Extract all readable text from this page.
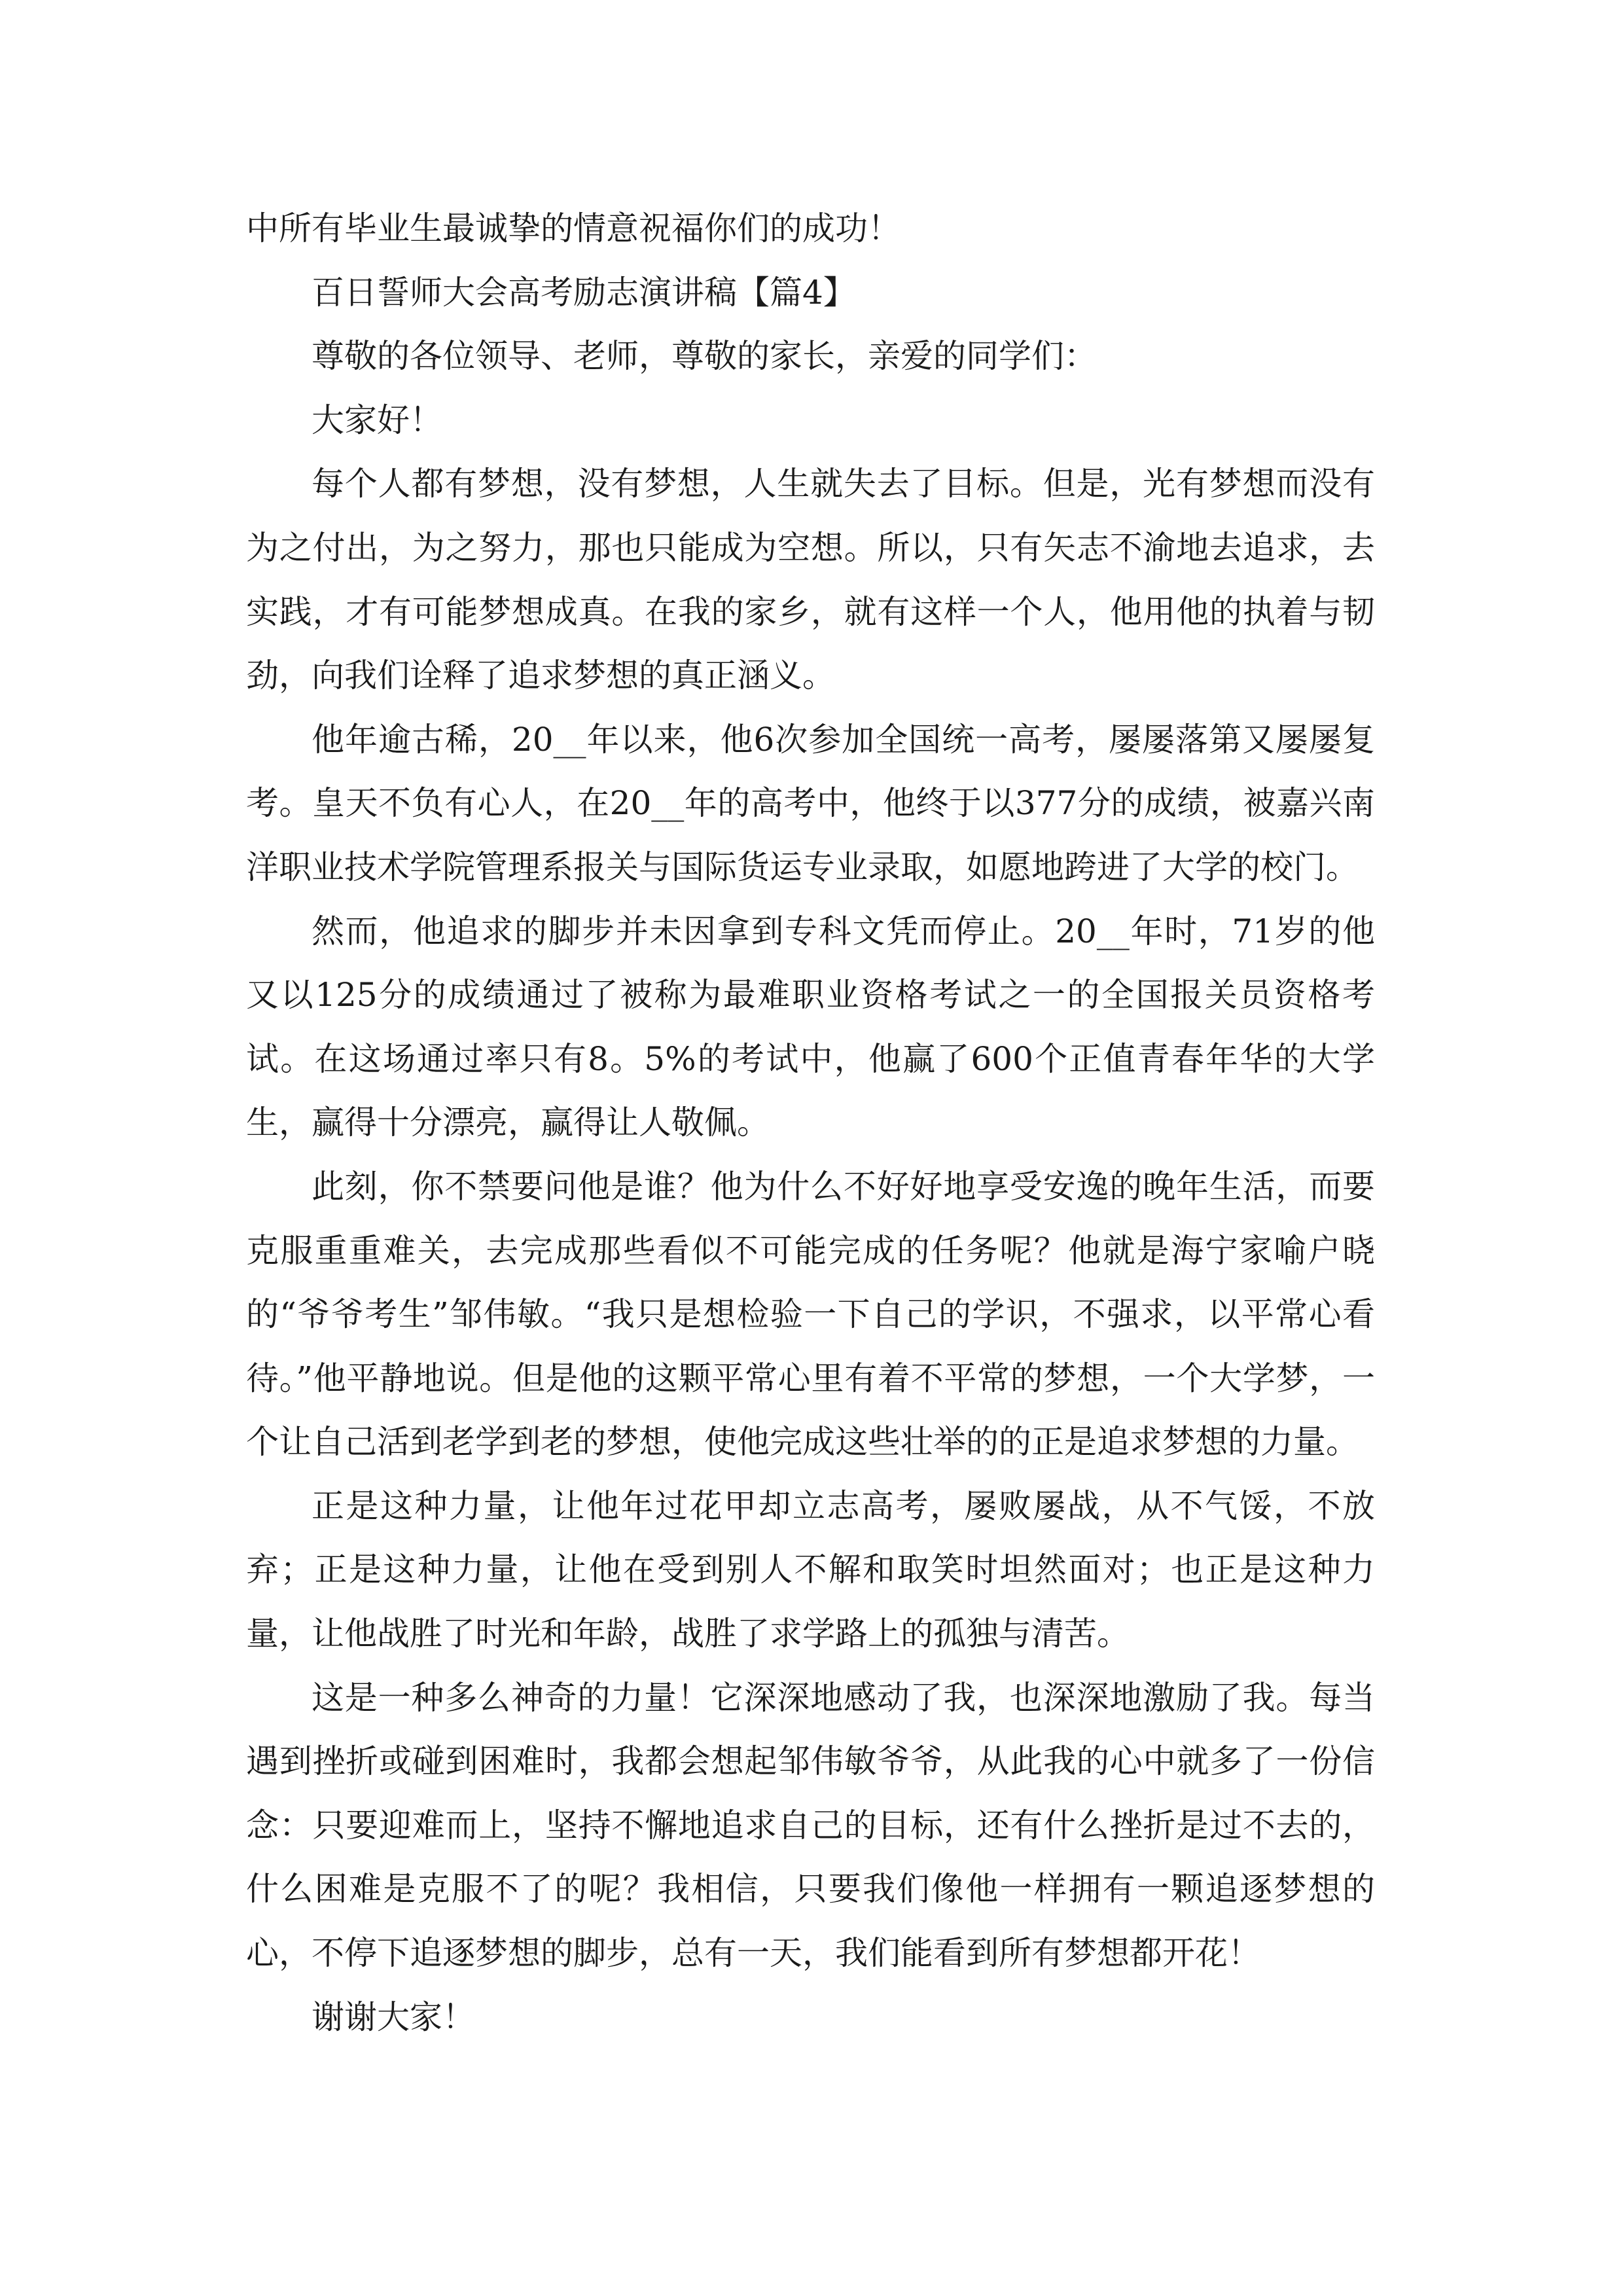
中所有毕业生最诚挚的情意祝福你们的成功！

百日誓师大会高考励志演讲稿【篇4】

尊敬的各位领导、老师，尊敬的家长，亲爱的同学们：

大家好！

每个人都有梦想，没有梦想，人生就失去了目标。但是，光有梦想而没有为之付出，为之努力，那也只能成为空想。所以，只有矢志不渝地去追求，去实践，才有可能梦想成真。在我的家乡，就有这样一个人，他用他的执着与韧劲，向我们诠释了追求梦想的真正涵义。

他年逾古稀，20__年以来，他6次参加全国统一高考，屡屡落第又屡屡复考。皇天不负有心人，在20__年的高考中，他终于以377分的成绩，被嘉兴南洋职业技术学院管理系报关与国际货运专业录取，如愿地跨进了大学的校门。

然而，他追求的脚步并未因拿到专科文凭而停止。20__年时，71岁的他又以125分的成绩通过了被称为最难职业资格考试之一的全国报关员资格考试。在这场通过率只有8。5%的考试中，他赢了600个正值青春年华的大学生，赢得十分漂亮，赢得让人敬佩。

此刻，你不禁要问他是谁？他为什么不好好地享受安逸的晚年生活，而要克服重重难关，去完成那些看似不可能完成的任务呢？他就是海宁家喻户晓的“爷爷考生”邹伟敏。“我只是想检验一下自己的学识，不强求，以平常心看待。”他平静地说。但是他的这颗平常心里有着不平常的梦想，一个大学梦，一个让自己活到老学到老的梦想，使他完成这些壮举的的正是追求梦想的力量。

正是这种力量，让他年过花甲却立志高考，屡败屡战，从不气馁，不放弃；正是这种力量，让他在受到别人不解和取笑时坦然面对；也正是这种力量，让他战胜了时光和年龄，战胜了求学路上的孤独与清苦。

这是一种多么神奇的力量！它深深地感动了我，也深深地激励了我。每当遇到挫折或碰到困难时，我都会想起邹伟敏爷爷，从此我的心中就多了一份信念：只要迎难而上，坚持不懈地追求自己的目标，还有什么挫折是过不去的，什么困难是克服不了的呢？我相信，只要我们像他一样拥有一颗追逐梦想的心，不停下追逐梦想的脚步，总有一天，我们能看到所有梦想都开花！

谢谢大家！
